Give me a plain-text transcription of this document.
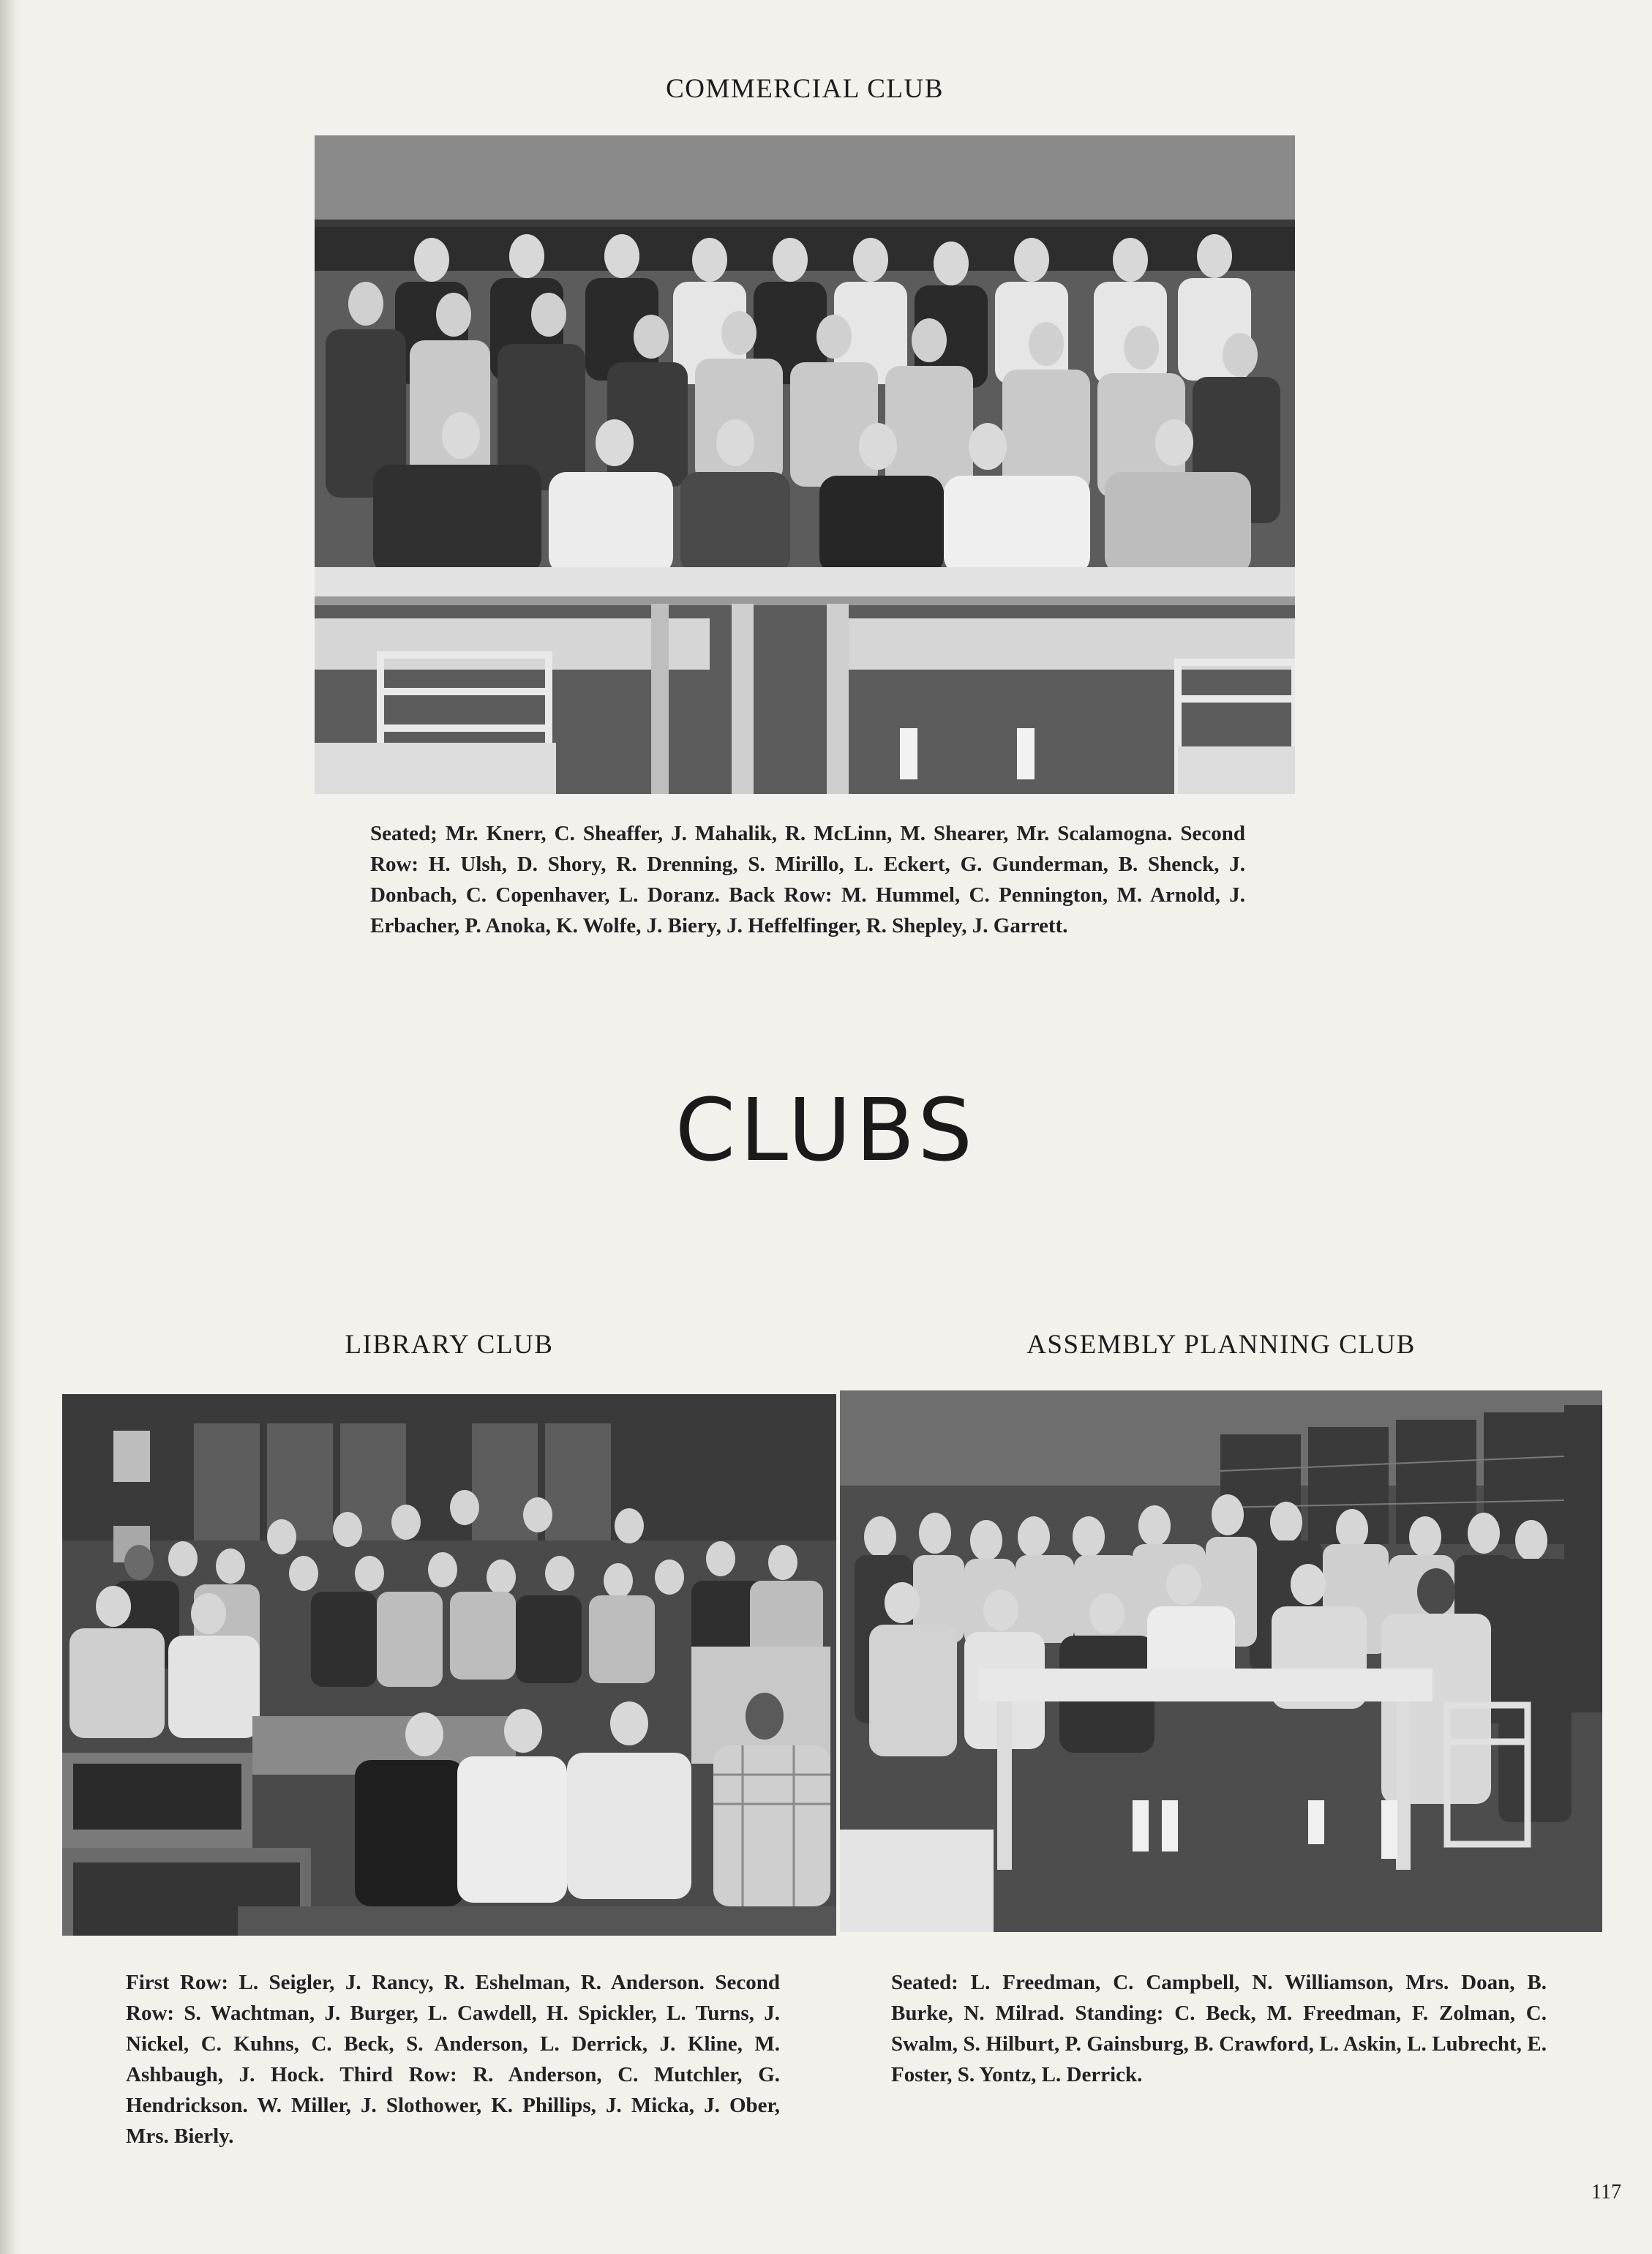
COMMERCIAL CLUB
Seated; Mr. Knerr, C. Sheaffer, J. Mahalik, R. McLinn, M. Shearer, Mr. Scalamogna. Second Row: H. Ulsh, D. Shory, R. Drenning, S. Mirillo, L. Eckert, G. Gunderman, B. Shenck, J. Donbach, C. Copenhaver, L. Doranz. Back Row: M. Hummel, C. Pennington, M. Arnold, J. Erbacher, P. Anoka, K. Wolfe, J. Biery, J. Heffelfinger, R. Shepley, J. Garrett.
CLUBS
LIBRARY CLUB
First Row: L. Seigler, J. Rancy, R. Eshelman, R. Anderson. Second Row: S. Wachtman, J. Burger, L. Cawdell, H. Spickler, L. Turns, J. Nickel, C. Kuhns, C. Beck, S. Anderson, L. Derrick, J. Kline, M. Ashbaugh, J. Hock. Third Row: R. Anderson, C. Mutchler, G. Hendrickson. W. Miller, J. Slothower, K. Phillips, J. Micka, J. Ober, Mrs. Bierly.
ASSEMBLY PLANNING CLUB
Seated: L. Freedman, C. Campbell, N. Williamson, Mrs. Doan, B. Burke, N. Milrad. Standing: C. Beck, M. Freedman, F. Zolman, C. Swalm, S. Hilburt, P. Gainsburg, B. Crawford, L. Askin, L. Lubrecht, E. Foster, S. Yontz, L. Derrick.
117
